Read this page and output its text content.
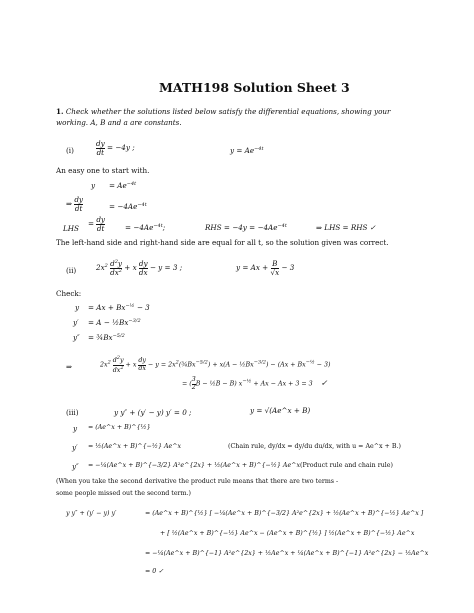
MATH198 Solution Sheet 3
1. Check whether the solutions listed below satisfy the differential equations, showing your
working. A, B and a are constants.
(i)	$\frac{dy}{dt} = -4y$ ;	$y = Ae^{-4t}$
An easy one to start with.
$y = Ae^{-4t}$
⇒ $\frac{dy}{dt}$	= $-4Ae^{-4t}$
LHS
= $\frac{dy}{dt}$	= $-4Ae^{-4t}$;	RHS = $-4y = -4Ae^{-4t}$	⇒ LHS = RHS ✓
The left-hand side and right-hand side are equal for all t, so the solution given was correct.
(ii)	$2x^2 \frac{d^2y}{dx^2} + x \frac{dy}{dx} - y = 3$ ;	$y = Ax + \frac{B}{√x} - 3$
Check:
$y = Ax + Bx^{-\frac{1}{2}} - 3$
$y' = A - \frac{1}{2}Bx^{-3/2}$
$y'' = \frac{3}{4}Bx^{-5/2}$
⇒	$2x^2 \frac{d^2y}{dx^2} + x \frac{dy}{dx} - y$ = $2x^2(\frac{3}{4}Bx^{-5/2}) + x(A$ − $\frac{1}{2}Bx^{-3/2}) - (Ax + Bx^{-\frac{1}{2}} - 3)$
= ( $\frac{3}{2}$ B − ½B − B) $x^{-\frac{1}{2}} + Ax - Ax + 3 = 3$    ✓
(iii)	y y″ + (y′ − y) y′ = 0 ;	y = √(Ae^x + B)
y = (Ae^x + B)^{½}
y′ = ½(Ae^x + B)^{−½} Ae^x	(Chain rule, dy/dx = dy/du du/dx, with u = Ae^x + B.)
y″ = −¼(Ae^x + B)^{−3/2} A²e^{2x} + ½(Ae^x + B)^{−½} Ae^x (Product rule and chain rule)
(When you take the second derivative the product rule means that there are two terms -
some people missed out the second term.)
y y″ + (y′ − y) y′	= (Ae^x + B)^{½} [ −¼(Ae^x + B)^{−3/2} A²e^{2x} + ½(Ae^x + B)^{−½} Ae^x ]
+ [ ½(Ae^x + B)^{−½} Ae^x − (Ae^x + B)^{½} ] ½(Ae^x + B)^{−½} Ae^x
= −¼(Ae^x + B)^{−1} A²e^{2x} + ½Ae^x + ¼(Ae^x + B)^{−1} A²e^{2x} − ½Ae^x
= 0 ✓
